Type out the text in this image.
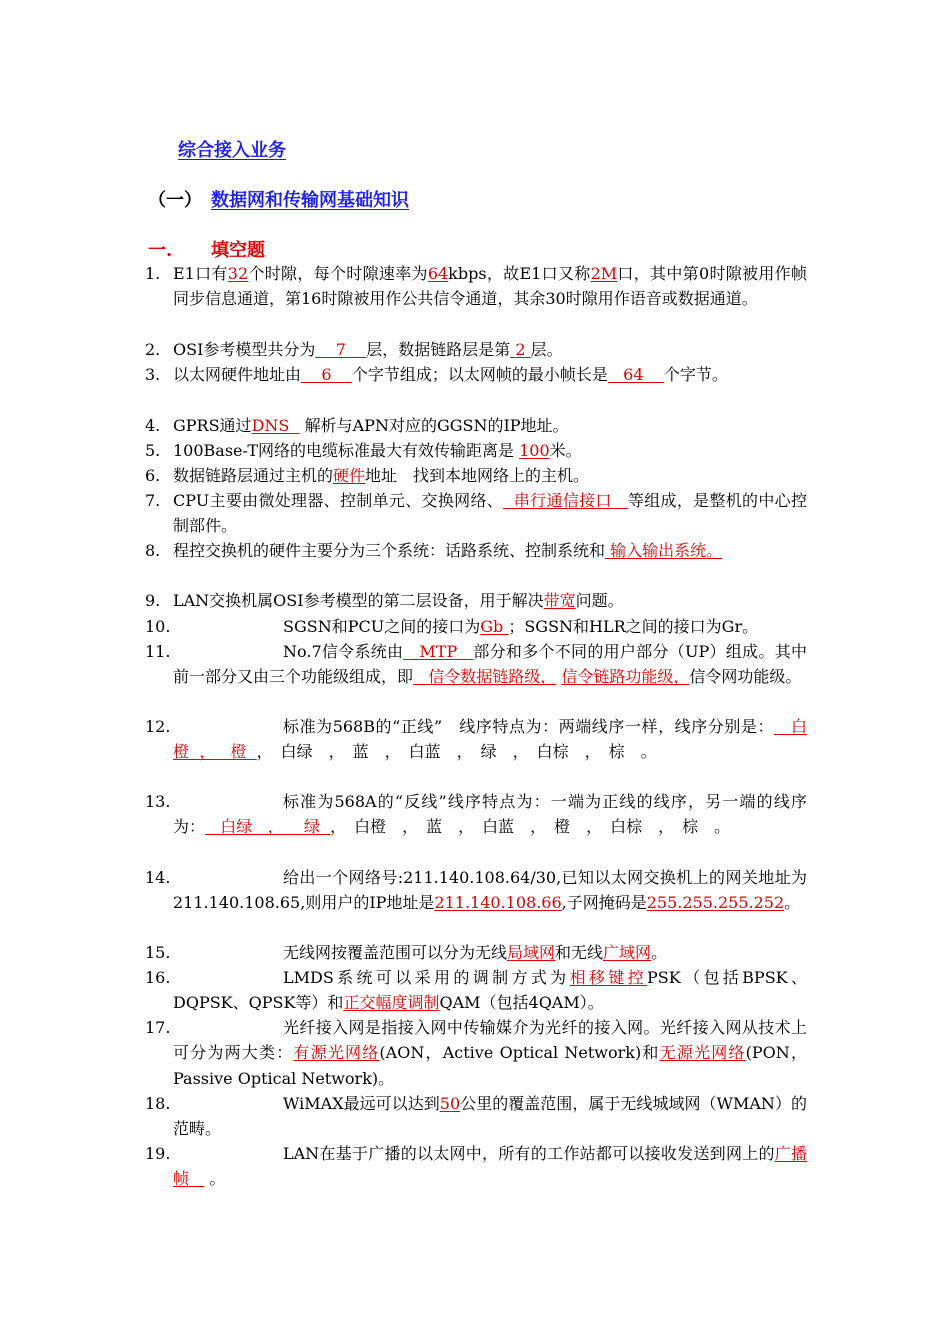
综合接入业务
（一） 数据网和传输网基础知识
一. 填空题
1. E1口有32个时隙，每个时隙速率为64kbps，故E1口又称2M口，其中第0时隙被用作帧同步信息通道，第16时隙被用作公共信令通道，其余30时隙用作语音或数据通道。
2. OSI参考模型共分为 7 层，数据链路层是第 2 层。
3. 以太网硬件地址由 6 个字节组成；以太网帧的最小帧长是 64 个字节。
4. GPRS通过DNS 解析与APN对应的GGSN的IP地址。
5. 100Base-T网络的电缆标准最大有效传输距离是 100米。
6. 数据链路层通过主机的硬件地址　找到本地网络上的主机。
7. CPU主要由微处理器、控制单元、交换网络、 串行通信接口 等组成，是整机的中心控制部件。
8. 程控交换机的硬件主要分为三个系统：话路系统、控制系统和 输入输出系统。
9. LAN交换机属OSI参考模型的第二层设备，用于解决带宽问题。
10.	SGSN和PCU之间的接口为Gb ；SGSN和HLR之间的接口为Gr。
11.	No.7信令系统由 MTP 部分和多个不同的用户部分（UP）组成。其中前一部分又由三个功能级组成，即 信令数据链路级， 信令链路功能级，信令网功能级。
12.	标准为568B的“正线”　线序特点为：两端线序一样，线序分别是： 白橙 ， 橙 ，　白绿　，　蓝　，　白蓝　，　绿　，　白棕　，　棕　。
13.	标准为568A的“反线”线序特点为：一端为正线的线序，另一端的线序为： 白绿 ， 绿 ，　白橙　，　蓝　，　白蓝　，　橙　，　白棕　，　棕　。
14.	给出一个网络号:211.140.108.64/30,已知以太网交换机上的网关地址为211.140.108.65,则用户的IP地址是211.140.108.66,子网掩码是255.255.255.252。
15.	无线网按覆盖范围可以分为无线局域网和无线广域网。
16.	LMDS系统可以采用的调制方式为相移键控PSK（包括BPSK、DQPSK、QPSK等）和正交幅度调制QAM（包括4QAM）。
17.	光纤接入网是指接入网中传输媒介为光纤的接入网。光纤接入网从技术上可分为两大类：有源光网络(AON，Active Optical Network)和无源光网络(PON，Passive Optical Network)。
18.	WiMAX最远可以达到50公里的覆盖范围，属于无线城域网（WMAN）的范畴。
19.	LAN在基于广播的以太网中，所有的工作站都可以接收发送到网上的广播帧 。
